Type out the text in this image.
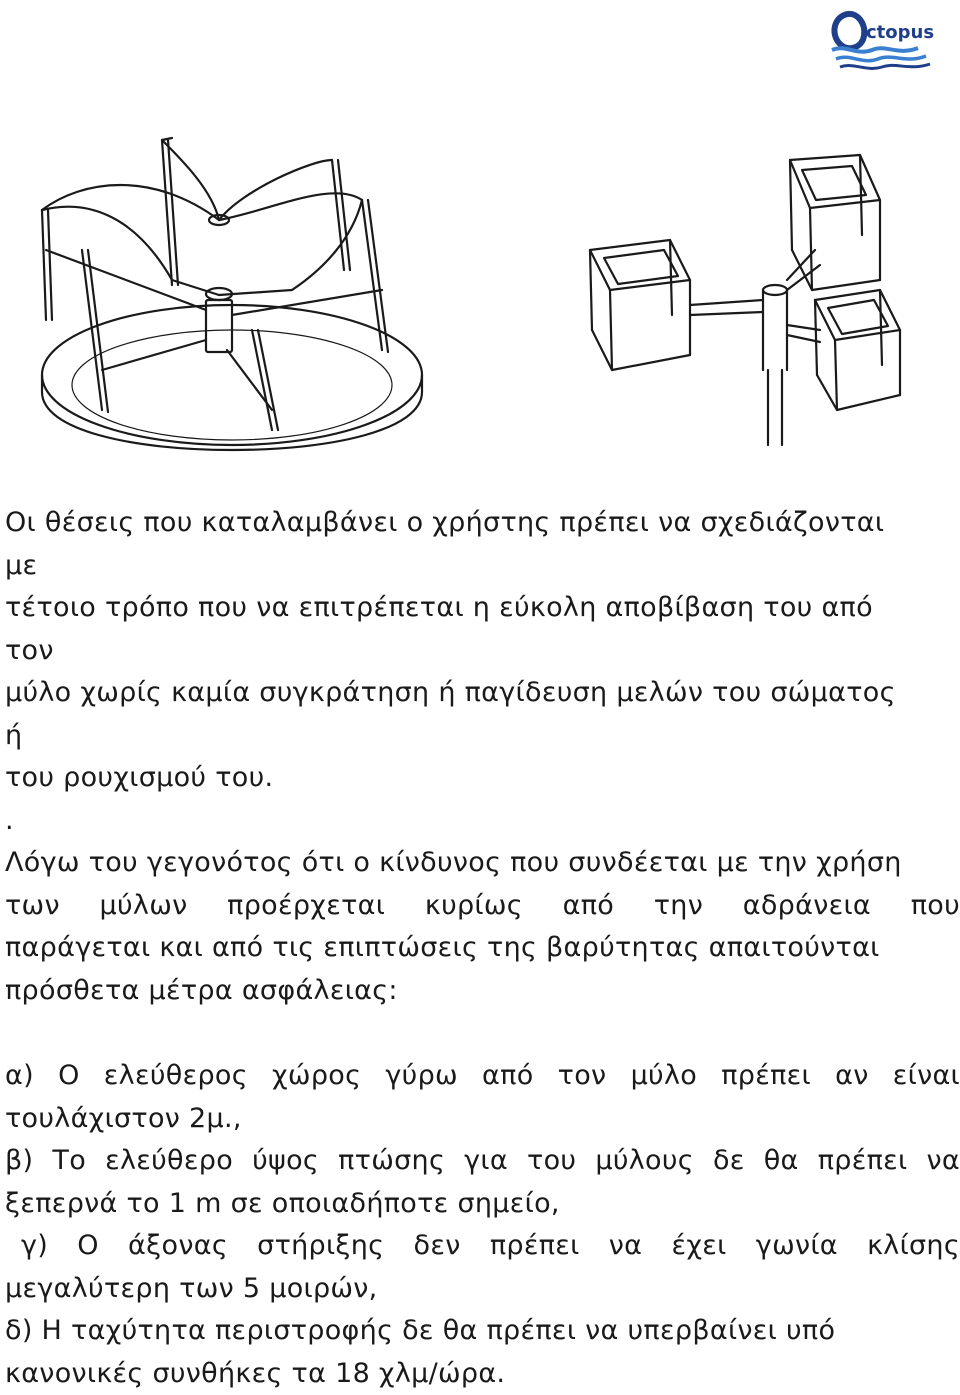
ctopus

Οι θέσεις που καταλαμβάνει ο χρήστης πρέπει να σχεδιάζονται

με

τέτοιο τρόπο που να επιτρέπεται η εύκολη αποβίβαση του από

τον

μύλο χωρίς καμία συγκράτηση ή παγίδευση μελών του σώματος

ή

του ρουχισμού του.

.

Λόγω του γεγονότος ότι ο κίνδυνος που συνδέεται με την χρήση

των μύλων προέρχεται κυρίως από την αδράνεια που

παράγεται και από τις επιπτώσεις της βαρύτητας απαιτούνται

πρόσθετα μέτρα ασφάλειας:

α) Ο ελεύθερος χώρος γύρω από τον μύλο πρέπει αν είναι

τουλάχιστον 2μ.,

β) Το ελεύθερο ύψος πτώσης για του μύλους δε θα πρέπει να

ξεπερνά το 1 m σε οποιαδήποτε σημείο,

γ) Ο άξονας στήριξης δεν πρέπει να έχει γωνία κλίσης

μεγαλύτερη των 5 μοιρών,

δ) Η ταχύτητα περιστροφής δε θα πρέπει να υπερβαίνει υπό

κανονικές συνθήκες τα 18 χλμ/ώρα.
